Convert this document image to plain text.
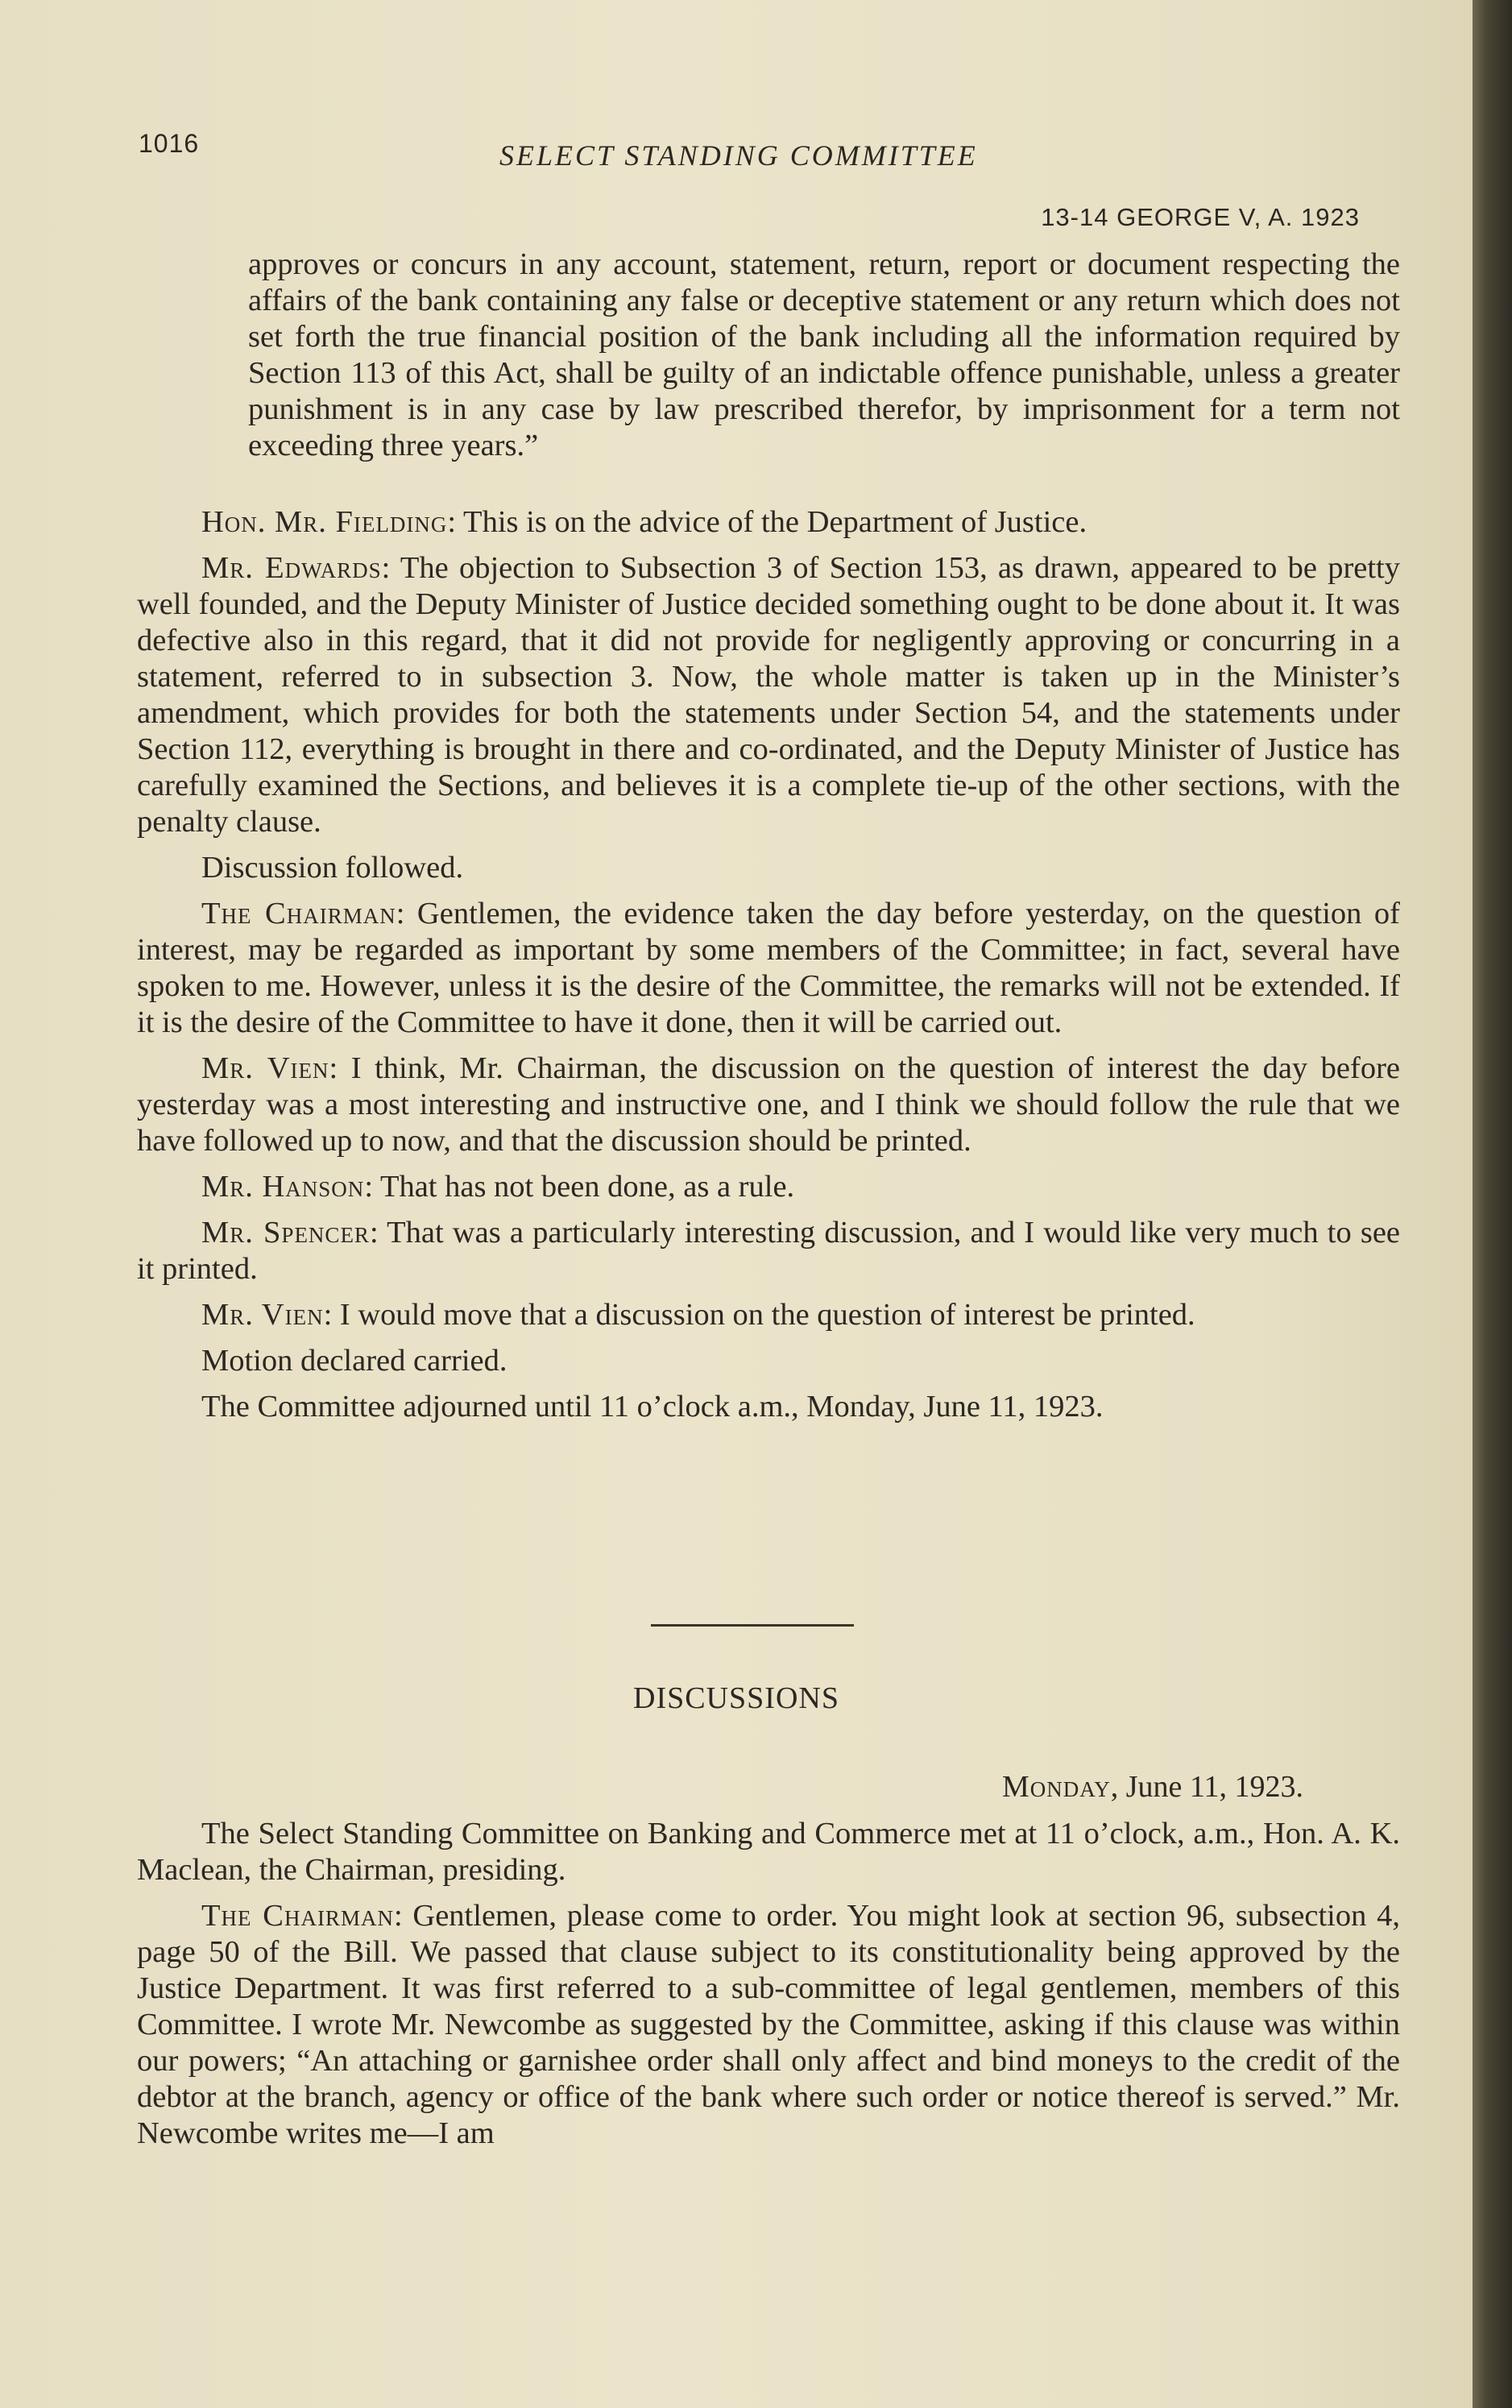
1016	SELECT STANDING COMMITTEE
13-14 GEORGE V, A. 1923

approves or concurs in any account, statement, return, report or document respecting the affairs of the bank containing any false or deceptive statement or any return which does not set forth the true financial position of the bank including all the information required by Section 113 of this Act, shall be guilty of an indictable offence punishable, unless a greater punishment is in any case by law prescribed therefor, by imprisonment for a term not exceeding three years.”

Hon. Mr. Fielding: This is on the advice of the Department of Justice.

Mr. Edwards: The objection to Subsection 3 of Section 153, as drawn, appeared to be pretty well founded, and the Deputy Minister of Justice decided something ought to be done about it. It was defective also in this regard, that it did not provide for negligently approving or concurring in a statement, referred to in subsection 3. Now, the whole matter is taken up in the Minister’s amendment, which provides for both the statements under Section 54, and the statements under Section 112, everything is brought in there and co-ordinated, and the Deputy Minister of Justice has carefully examined the Sections, and believes it is a complete tie-up of the other sections, with the penalty clause.

Discussion followed.

The Chairman: Gentlemen, the evidence taken the day before yesterday, on the question of interest, may be regarded as important by some members of the Committee; in fact, several have spoken to me. However, unless it is the desire of the Committee, the remarks will not be extended. If it is the desire of the Committee to have it done, then it will be carried out.

Mr. Vien: I think, Mr. Chairman, the discussion on the question of interest the day before yesterday was a most interesting and instructive one, and I think we should follow the rule that we have followed up to now, and that the discussion should be printed.

Mr. Hanson: That has not been done, as a rule.

Mr. Spencer: That was a particularly interesting discussion, and I would like very much to see it printed.

Mr. Vien: I would move that a discussion on the question of interest be printed.

Motion declared carried.

The Committee adjourned until 11 o’clock a.m., Monday, June 11, 1923.

DISCUSSIONS
Monday, June 11, 1923.

The Select Standing Committee on Banking and Commerce met at 11 o’clock, a.m., Hon. A. K. Maclean, the Chairman, presiding.

The Chairman: Gentlemen, please come to order. You might look at section 96, subsection 4, page 50 of the Bill. We passed that clause subject to its constitutionality being approved by the Justice Department. It was first referred to a sub-committee of legal gentlemen, members of this Committee. I wrote Mr. Newcombe as suggested by the Committee, asking if this clause was within our powers; “An attaching or garnishee order shall only affect and bind moneys to the credit of the debtor at the branch, agency or office of the bank where such order or notice thereof is served.” Mr. Newcombe writes me—I am
